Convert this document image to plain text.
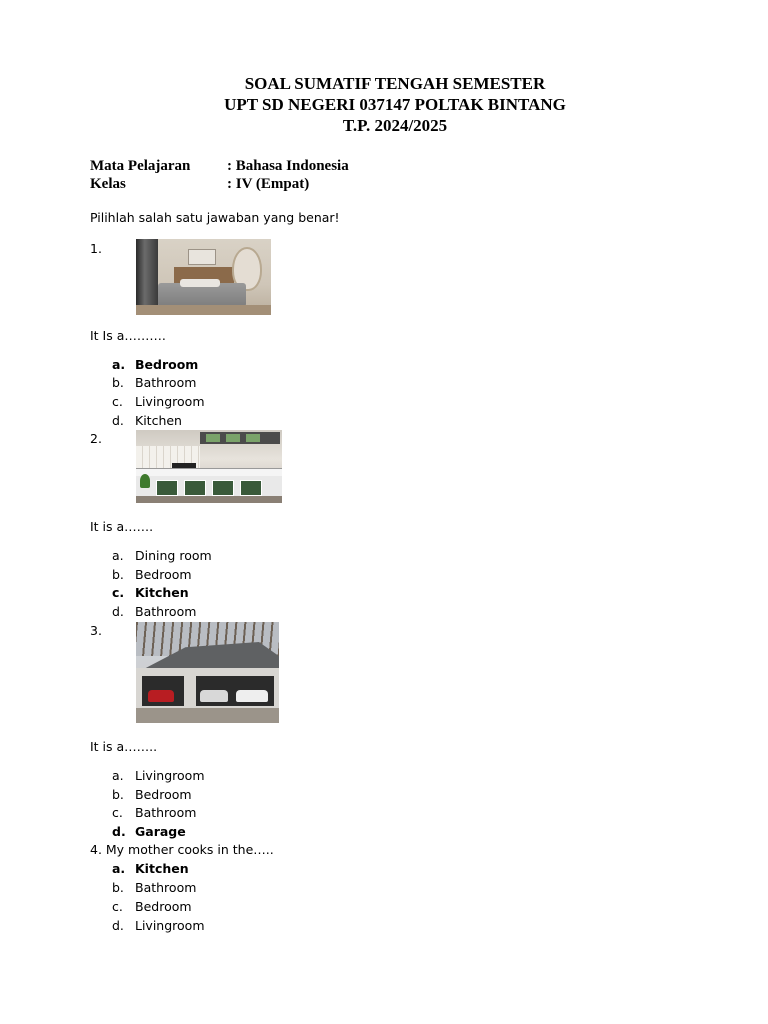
SOAL SUMATIF TENGAH SEMESTER
UPT SD NEGERI 037147 POLTAK BINTANG
T.P. 2024/2025
Mata Pelajaran : Bahasa Indonesia
Kelas	: IV (Empat)
Pilihlah salah satu jawaban yang benar!
1.
It Is a……….
a. Bedroom
b. Bathroom
c. Livingroom
d. Kitchen
2.
It is a…….
a. Dining room
b. Bedroom
c. Kitchen
d. Bathroom
3.
It is a……..
a. Livingroom
b. Bedroom
c. Bathroom
d. Garage
4. My mother cooks in the…..
a. Kitchen
b. Bathroom
c. Bedroom
d. Livingroom
